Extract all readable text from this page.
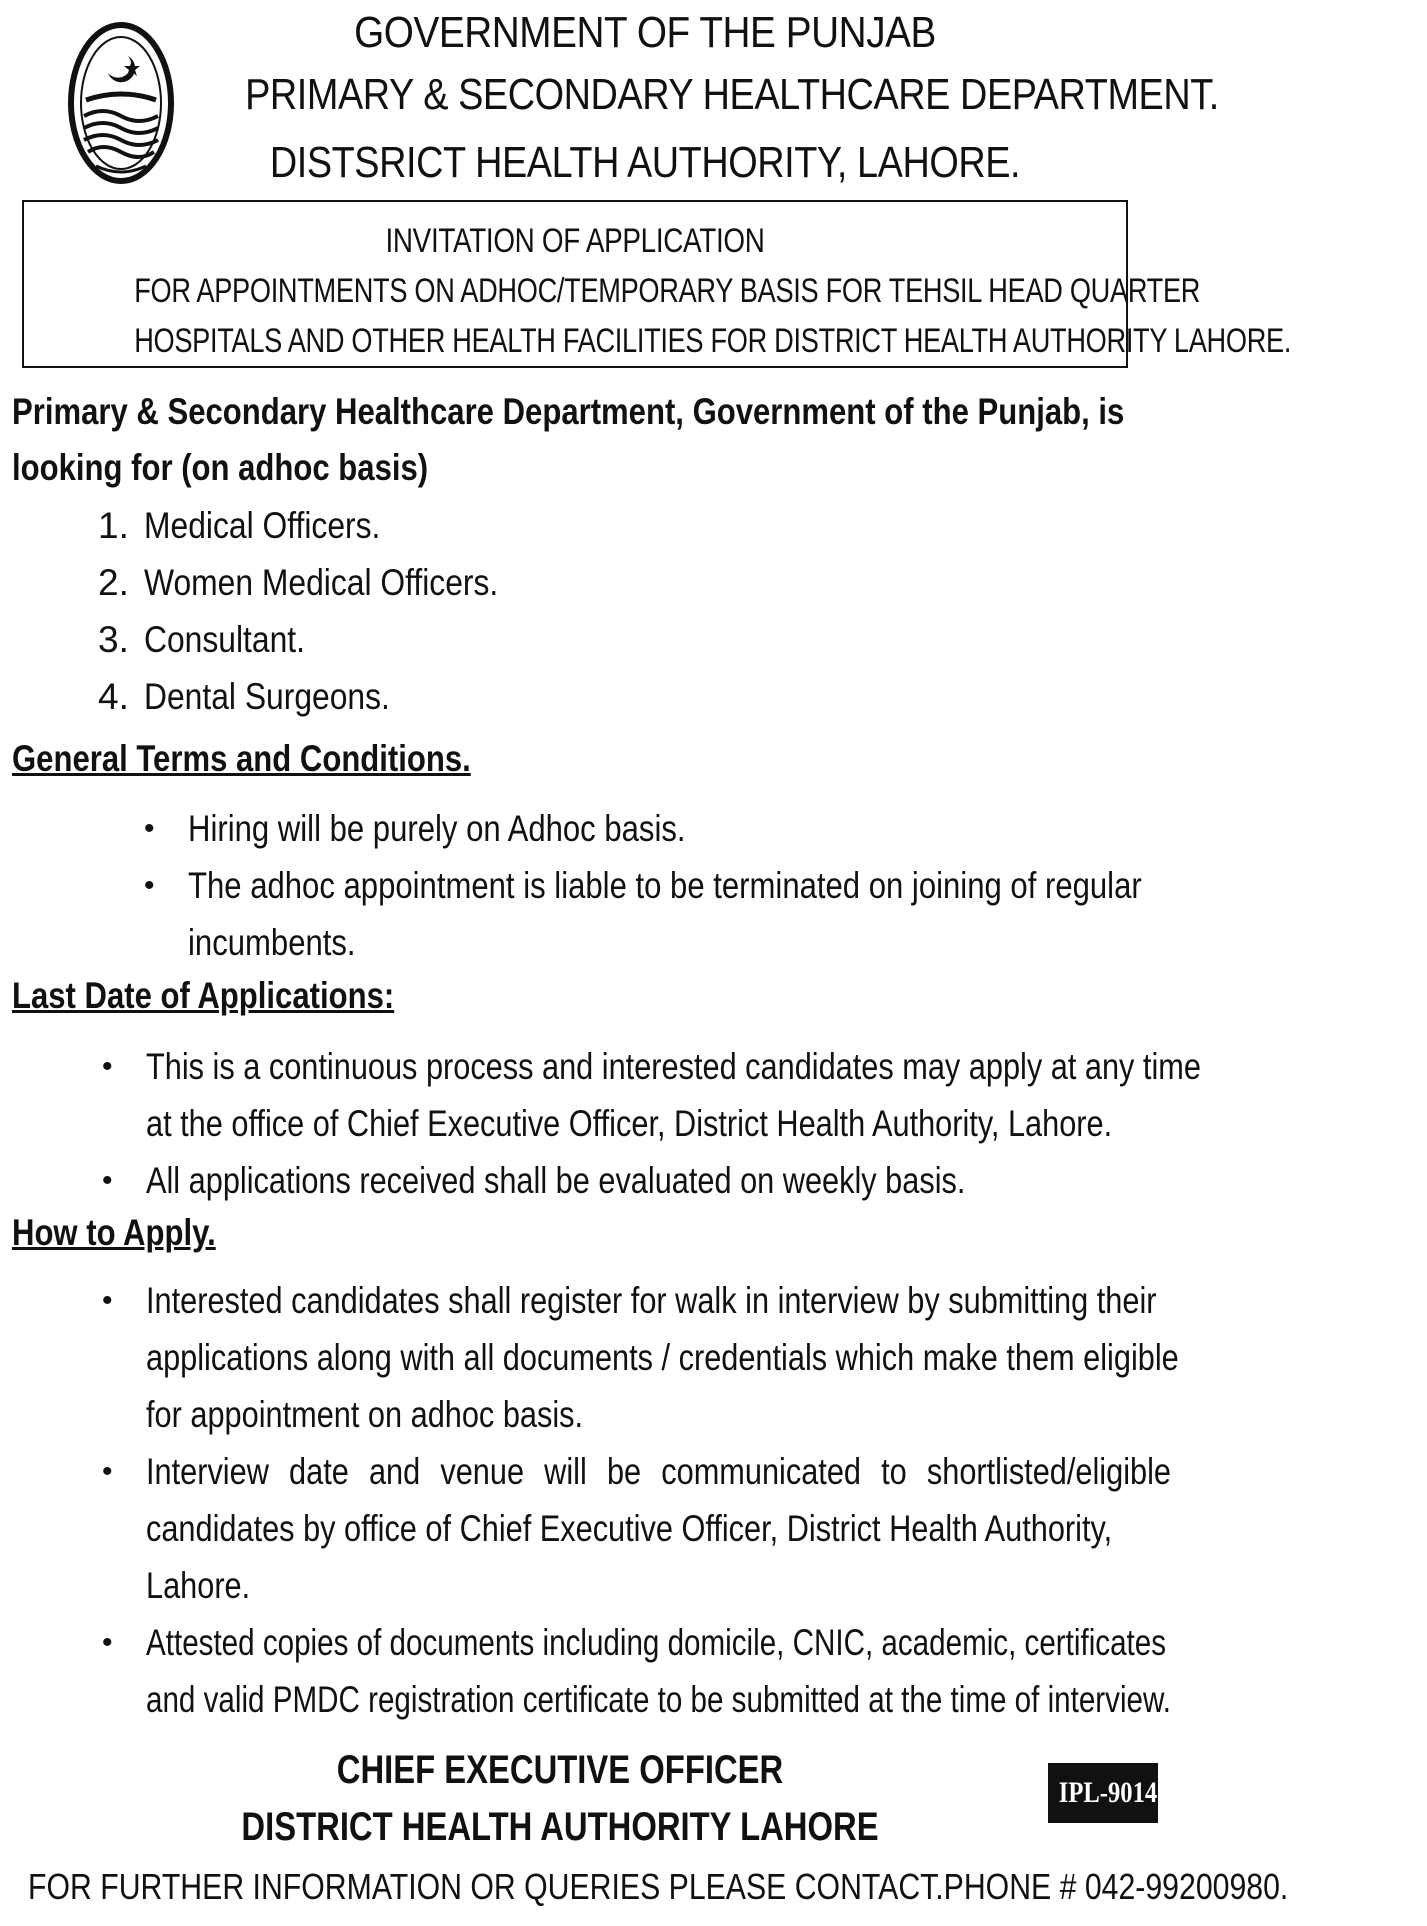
GOVERNMENT OF THE PUNJAB
PRIMARY & SECONDARY HEALTHCARE DEPARTMENT.
DISTSRICT HEALTH AUTHORITY, LAHORE.
INVITATION OF APPLICATION
FOR APPOINTMENTS ON ADHOC/TEMPORARY BASIS FOR TEHSIL HEAD QUARTER
HOSPITALS AND OTHER HEALTH FACILITIES FOR DISTRICT HEALTH AUTHORITY LAHORE.
Primary & Secondary Healthcare Department, Government of the Punjab, is
looking for (on adhoc basis)
1. Medical Officers.
2. Women Medical Officers.
3. Consultant.
4. Dental Surgeons.
General Terms and Conditions.
• Hiring will be purely on Adhoc basis.
• The adhoc appointment is liable to be terminated on joining of regular
incumbents.
Last Date of Applications:
• This is a continuous process and interested candidates may apply at any time
at the office of Chief Executive Officer, District Health Authority, Lahore.
• All applications received shall be evaluated on weekly basis.
How to Apply.
• Interested candidates shall register for walk in interview by submitting their
applications along with all documents / credentials which make them eligible
for appointment on adhoc basis.
• Interview date and venue will be communicated to shortlisted/eligible
candidates by office of Chief Executive Officer, District Health Authority,
Lahore.
• Attested copies of documents including domicile, CNIC, academic, certificates
and valid PMDC registration certificate to be submitted at the time of interview.
CHIEF EXECUTIVE OFFICER
DISTRICT HEALTH AUTHORITY LAHORE
IPL-9014
FOR FURTHER INFORMATION OR QUERIES PLEASE CONTACT.PHONE # 042-99200980.
